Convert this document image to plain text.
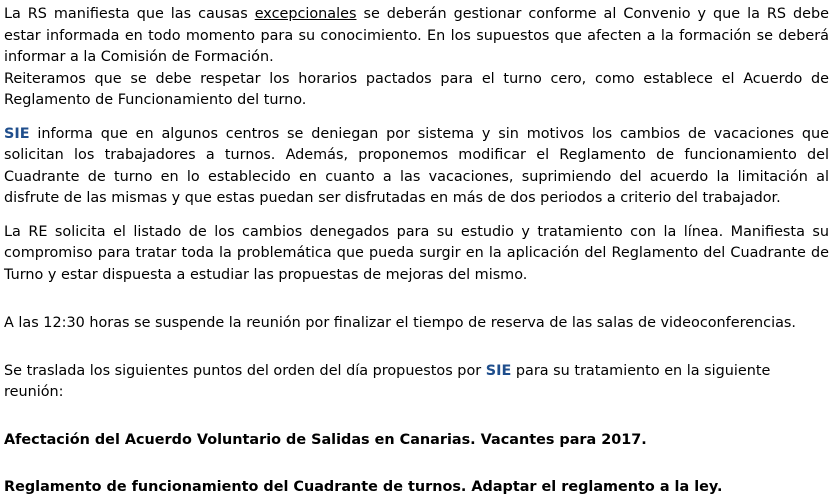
La RS manifiesta que las causas excepcionales se deberán gestionar conforme al Convenio y que la RS debe estar informada en todo momento para su conocimiento. En los supuestos que afecten a la formación se deberá informar a la Comisión de Formación.

Reiteramos que se debe respetar los horarios pactados para el turno cero, como establece el Acuerdo de Reglamento de Funcionamiento del turno.

SIE informa que en algunos centros se deniegan por sistema y sin motivos los cambios de vacaciones que solicitan los trabajadores a turnos. Además, proponemos modificar el Reglamento de funcionamiento del Cuadrante de turno en lo establecido en cuanto a las vacaciones, suprimiendo del acuerdo la limitación al disfrute de las mismas y que estas puedan ser disfrutadas en más de dos periodos a criterio del trabajador.

La RE solicita el listado de los cambios denegados para su estudio y tratamiento con la línea. Manifiesta su compromiso para tratar toda la problemática que pueda surgir en la aplicación del Reglamento del Cuadrante de Turno y estar dispuesta a estudiar las propuestas de mejoras del mismo.

A las 12:30 horas se suspende la reunión por finalizar el tiempo de reserva de las salas de videoconferencias.

Se traslada los siguientes puntos del orden del día propuestos por SIE para su tratamiento en la siguiente reunión:

Afectación del Acuerdo Voluntario de Salidas en Canarias. Vacantes para 2017.

Reglamento de funcionamiento del Cuadrante de turnos. Adaptar el reglamento a la ley.
